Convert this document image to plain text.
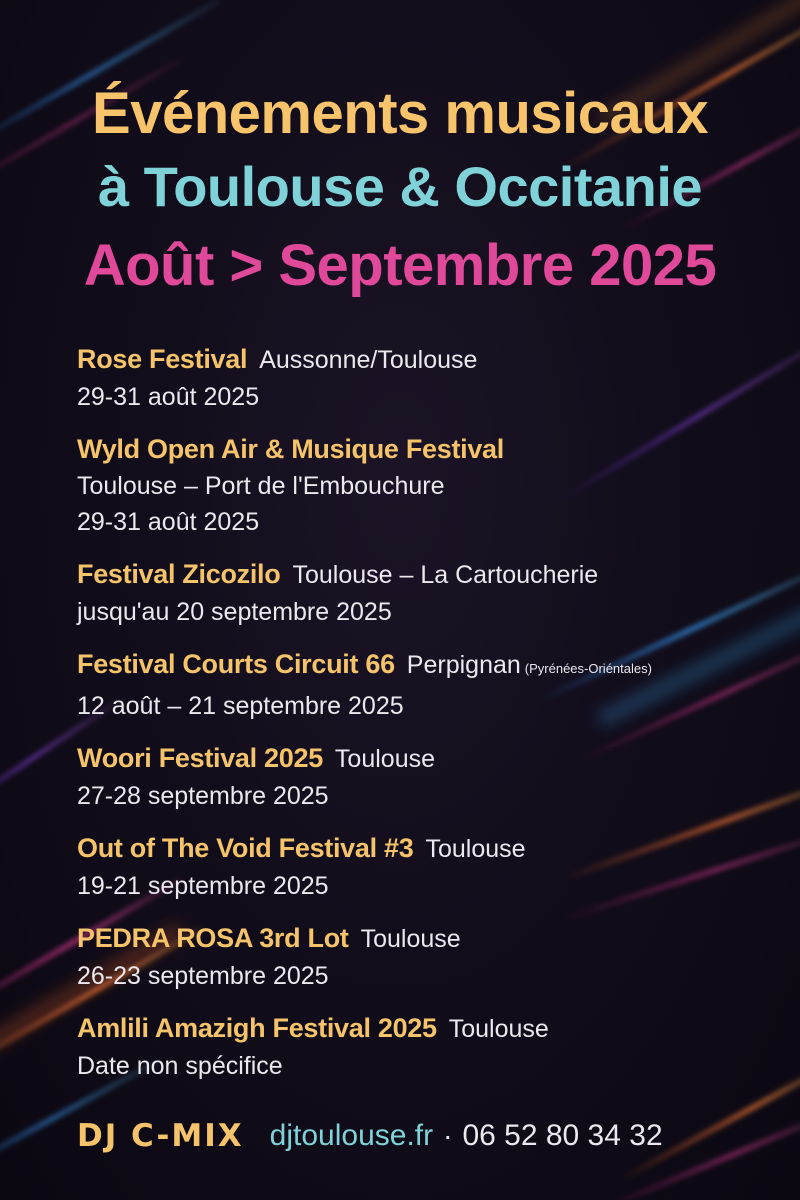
Événements musicaux
à Toulouse & Occitanie
Août > Septembre 2025
Rose Festival Aussonne/Toulouse
29-31 août 2025
Wyld Open Air & Musique Festival
Toulouse – Port de l'Embouchure
29-31 août 2025
Festival Zicozilo Toulouse – La Cartoucherie
jusqu'au 20 septembre 2025
Festival Courts Circuit 66 Perpignan (Pyrénées-Oriéntales)
12 août – 21 septembre 2025
Woori Festival 2025 Toulouse
27-28 septembre 2025
Out of The Void Festival #3 Toulouse
19-21 septembre 2025
PEDRA ROSA 3rd Lot Toulouse
26-23 septembre 2025
Amlili Amazigh Festival 2025 Toulouse
Date non spécifice
DJ C-MIX djtoulouse.fr · 06 52 80 34 32
